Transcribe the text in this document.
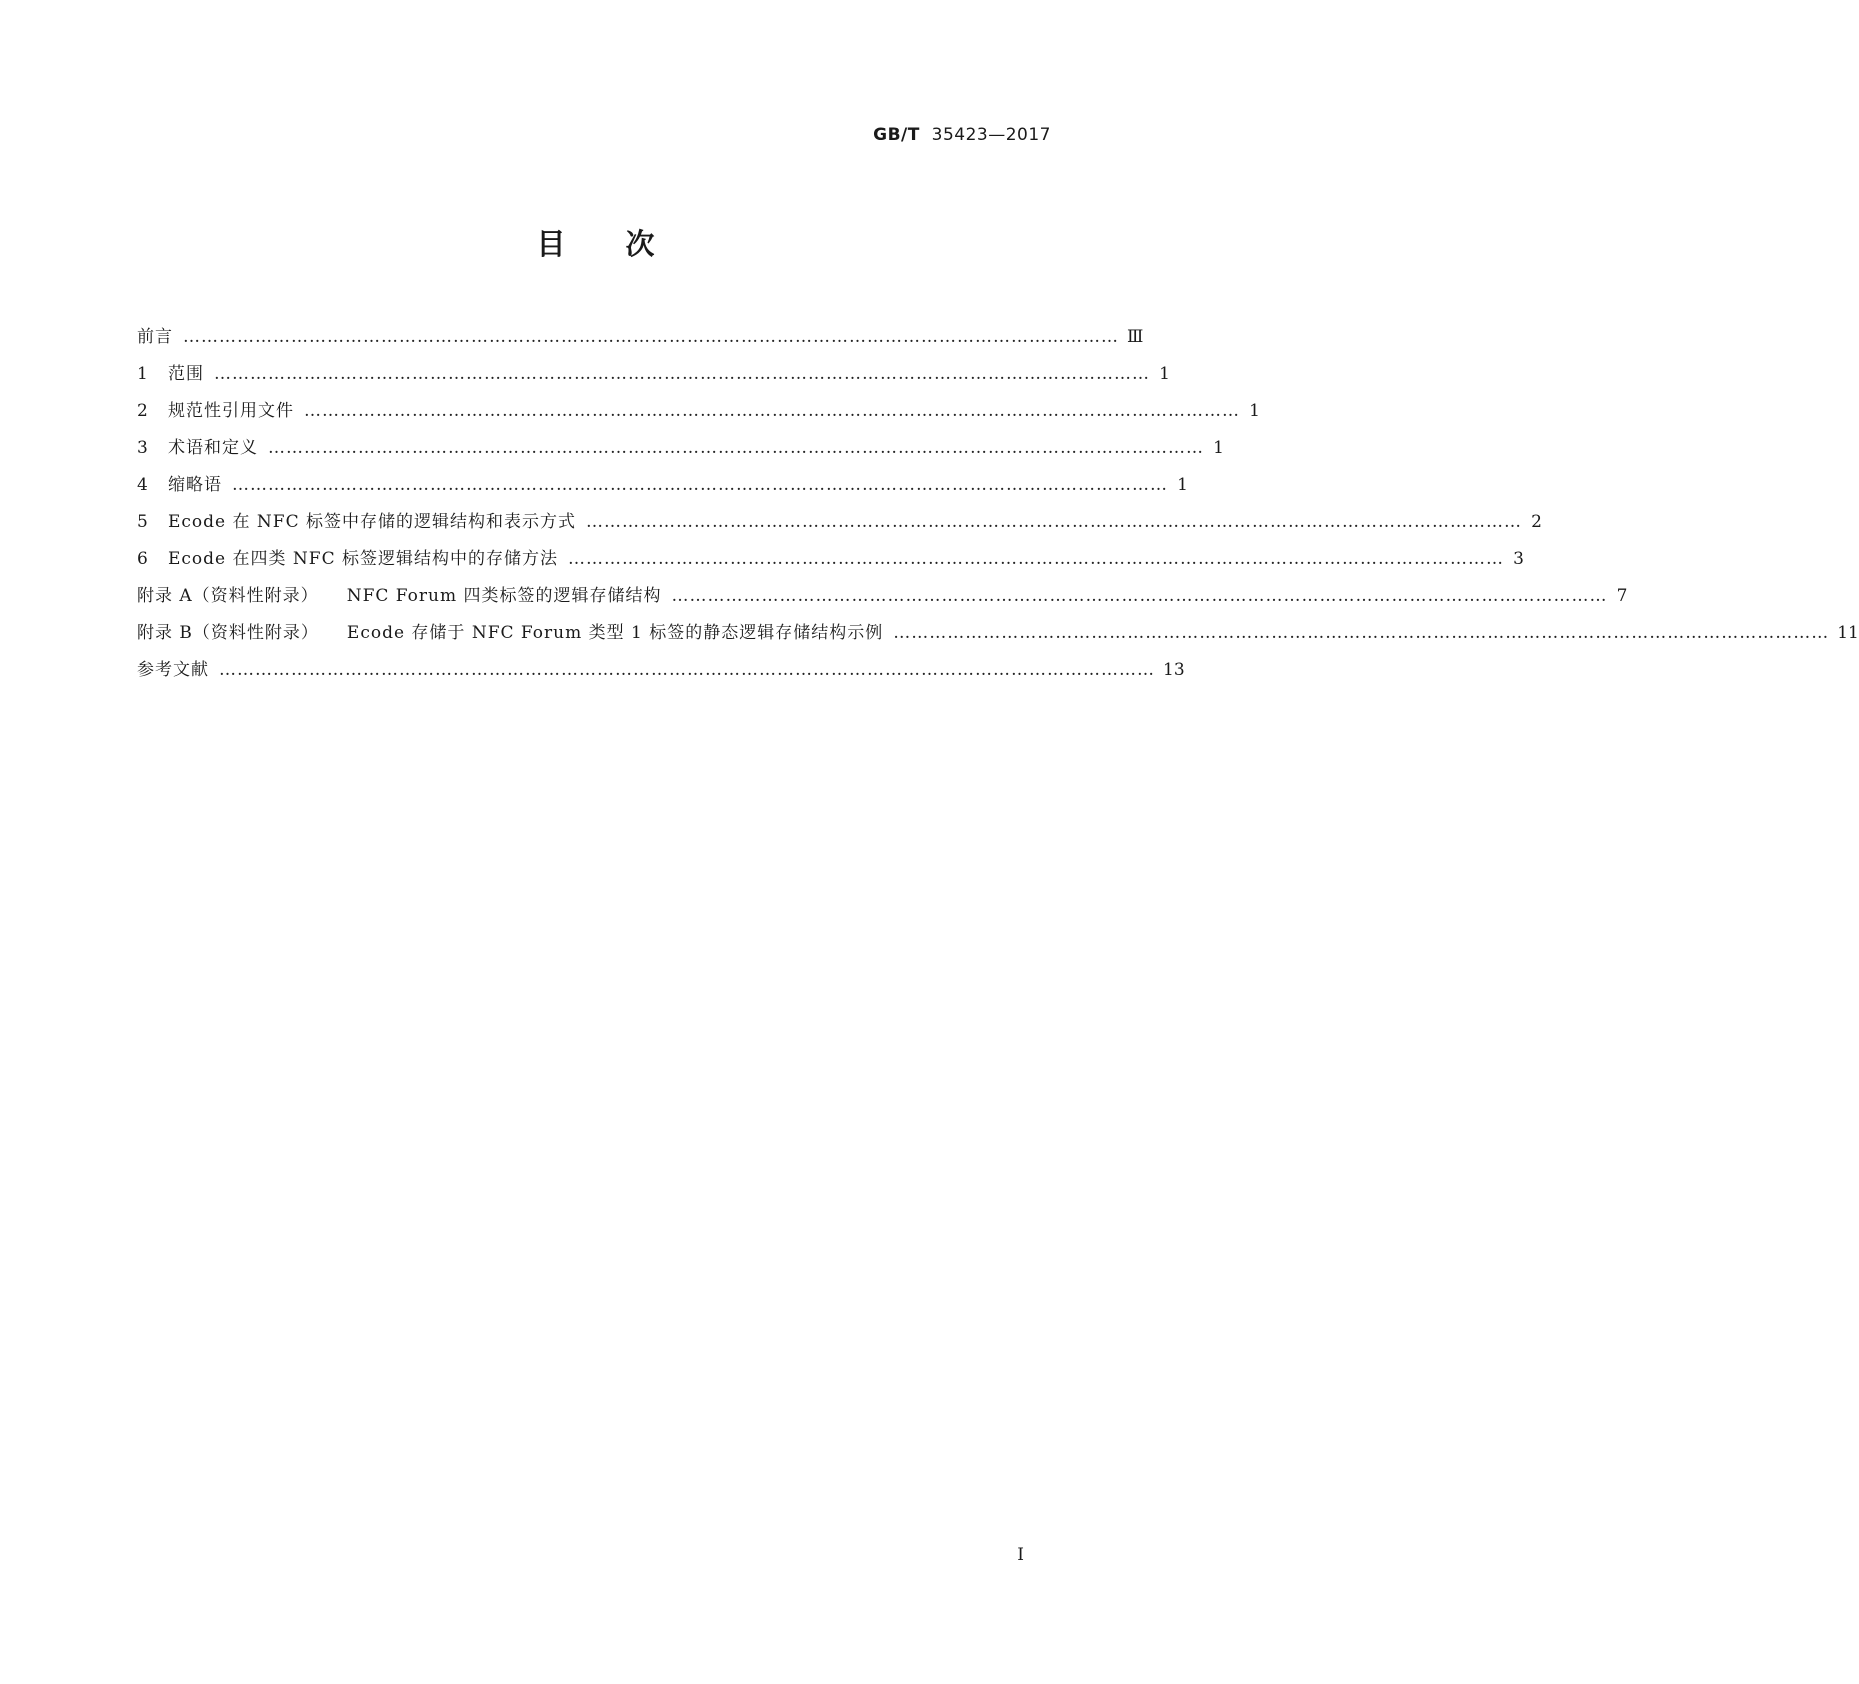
GB/T 35423—2017
目次
前言 ………………………………………………………………………………………………………………………………………… Ⅲ
1	范围 ………………………………………………………………………………………………………………………………………… 1
2	规范性引用文件 ………………………………………………………………………………………………………………………………………… 1
3	术语和定义 ………………………………………………………………………………………………………………………………………… 1
4	缩略语 ………………………………………………………………………………………………………………………………………… 1
5	Ecode 在 NFC 标签中存储的逻辑结构和表示方式 ………………………………………………………………………………………………………………………………………… 2
6	Ecode 在四类 NFC 标签逻辑结构中的存储方法 ………………………………………………………………………………………………………………………………………… 3
附录 A（资料性附录） NFC Forum 四类标签的逻辑存储结构 ………………………………………………………………………………………………………………………………………… 7
附录 B（资料性附录） Ecode 存储于 NFC Forum 类型 1 标签的静态逻辑存储结构示例 ………………………………………………………………………………………………………………………………………… 11
参考文献 ………………………………………………………………………………………………………………………………………… 13
I
